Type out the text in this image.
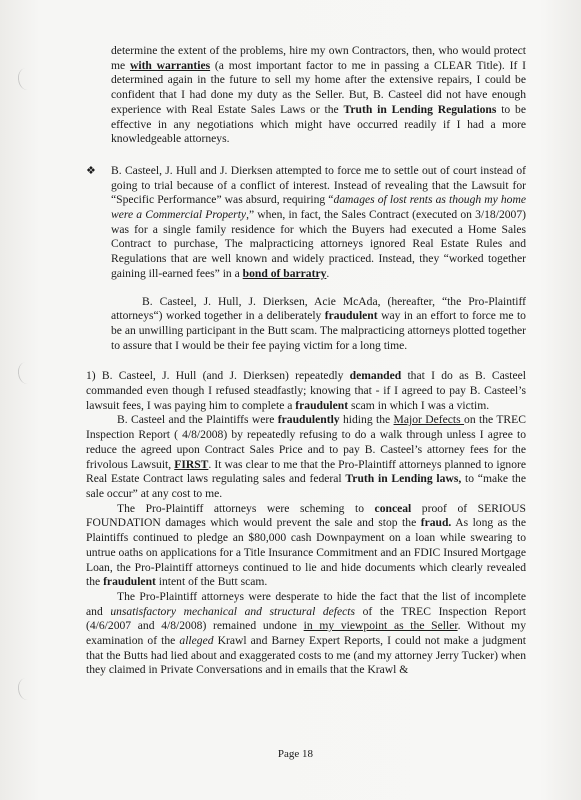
determine the extent of the problems, hire my own Contractors, then, who would protect me with warranties (a most important factor to me in passing a CLEAR Title). If I determined again in the future to sell my home after the extensive repairs, I could be confident that I had done my duty as the Seller. But, B. Casteel did not have enough experience with Real Estate Sales Laws or the Truth in Lending Regulations to be effective in any negotiations which might have occurred readily if I had a more knowledgeable attorneys.

❖ B. Casteel, J. Hull and J. Dierksen attempted to force me to settle out of court instead of going to trial because of a conflict of interest. Instead of revealing that the Lawsuit for “Specific Performance” was absurd, requiring “damages of lost rents as though my home were a Commercial Property,” when, in fact, the Sales Contract (executed on 3/18/2007) was for a single family residence for which the Buyers had executed a Home Sales Contract to purchase, The malpracticing attorneys ignored Real Estate Rules and Regulations that are well known and widely practiced. Instead, they “worked together gaining ill-earned fees” in a bond of barratry.

B. Casteel, J. Hull, J. Dierksen, Acie McAda, (hereafter, “the Pro-Plaintiff attorneys“) worked together in a deliberately fraudulent way in an effort to force me to be an unwilling participant in the Butt scam. The malpracticing attorneys plotted together to assure that I would be their fee paying victim for a long time.

1) B. Casteel, J. Hull (and J. Dierksen) repeatedly demanded that I do as B. Casteel commanded even though I refused steadfastly; knowing that - if I agreed to pay B. Casteel’s lawsuit fees, I was paying him to complete a fraudulent scam in which I was a victim.

B. Casteel and the Plaintiffs were fraudulently hiding the Major Defects on the TREC Inspection Report ( 4/8/2008) by repeatedly refusing to do a walk through unless I agree to reduce the agreed upon Contract Sales Price and to pay B. Casteel’s attorney fees for the frivolous Lawsuit, FIRST. It was clear to me that the Pro-Plaintiff attorneys planned to ignore Real Estate Contract laws regulating sales and federal Truth in Lending laws, to “make the sale occur” at any cost to me.

The Pro-Plaintiff attorneys were scheming to conceal proof of SERIOUS FOUNDATION damages which would prevent the sale and stop the fraud. As long as the Plaintiffs continued to pledge an $80,000 cash Downpayment on a loan while swearing to untrue oaths on applications for a Title Insurance Commitment and an FDIC Insured Mortgage Loan, the Pro-Plaintiff attorneys continued to lie and hide documents which clearly revealed the fraudulent intent of the Butt scam.

The Pro-Plaintiff attorneys were desperate to hide the fact that the list of incomplete and unsatisfactory mechanical and structural defects of the TREC Inspection Report (4/6/2007 and 4/8/2008) remained undone in my viewpoint as the Seller. Without my examination of the alleged Krawl and Barney Expert Reports, I could not make a judgment that the Butts had lied about and exaggerated costs to me (and my attorney Jerry Tucker) when they claimed in Private Conversations and in emails that the Krawl &

Page 18
